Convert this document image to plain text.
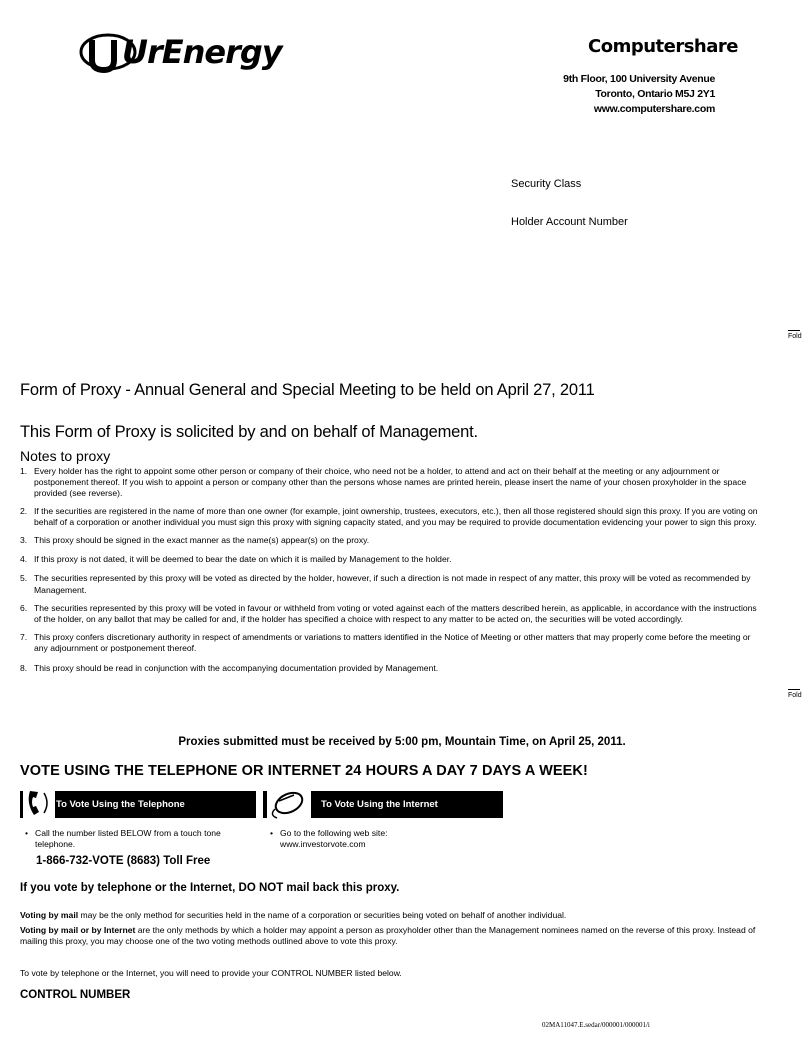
UrEnergy	Computershare
9th Floor, 100 University Avenue
Toronto, Ontario M5J 2Y1
www.computershare.com
Security Class
Holder Account Number
Fold
Fold
Form of Proxy - Annual General and Special Meeting to be held on April 27, 2011
This Form of Proxy is solicited by and on behalf of Management.
Notes to proxy
1. Every holder has the right to appoint some other person or company of their choice, who need not be a holder, to attend and act on their behalf at the meeting or any adjournment or postponement thereof. If you wish to appoint a person or company other than the persons whose names are printed herein, please insert the name of your chosen proxyholder in the space provided (see reverse).
2. If the securities are registered in the name of more than one owner (for example, joint ownership, trustees, executors, etc.), then all those registered should sign this proxy. If you are voting on behalf of a corporation or another individual you must sign this proxy with signing capacity stated, and you may be required to provide documentation evidencing your power to sign this proxy.
3. This proxy should be signed in the exact manner as the name(s) appear(s) on the proxy.
4. If this proxy is not dated, it will be deemed to bear the date on which it is mailed by Management to the holder.
5. The securities represented by this proxy will be voted as directed by the holder, however, if such a direction is not made in respect of any matter, this proxy will be voted as recommended by Management.
6. The securities represented by this proxy will be voted in favour or withheld from voting or voted against each of the matters described herein, as applicable, in accordance with the instructions of the holder, on any ballot that may be called for and, if the holder has specified a choice with respect to any matter to be acted on, the securities will be voted accordingly.
7. This proxy confers discretionary authority in respect of amendments or variations to matters identified in the Notice of Meeting or other matters that may properly come before the meeting or any adjournment or postponement thereof.
8. This proxy should be read in conjunction with the accompanying documentation provided by Management.
Proxies submitted must be received by 5:00 pm, Mountain Time, on April 25, 2011.
VOTE USING THE TELEPHONE OR INTERNET 24 HOURS A DAY 7 DAYS A WEEK!
To Vote Using the Telephone	To Vote Using the Internet
• Call the number listed BELOW from a touch tone
telephone.
• Go to the following web site:
www.investorvote.com
1-866-732-VOTE (8683) Toll Free
If you vote by telephone or the Internet, DO NOT mail back this proxy.
Voting by mail may be the only method for securities held in the name of a corporation or securities being voted on behalf of another individual.
Voting by mail or by Internet are the only methods by which a holder may appoint a person as proxyholder other than the Management nominees named on the reverse of this proxy. Instead of mailing this proxy, you may choose one of the two voting methods outlined above to vote this proxy.
To vote by telephone or the Internet, you will need to provide your CONTROL NUMBER listed below.
CONTROL NUMBER
02MA11047.E.sedar/000001/000001/i
